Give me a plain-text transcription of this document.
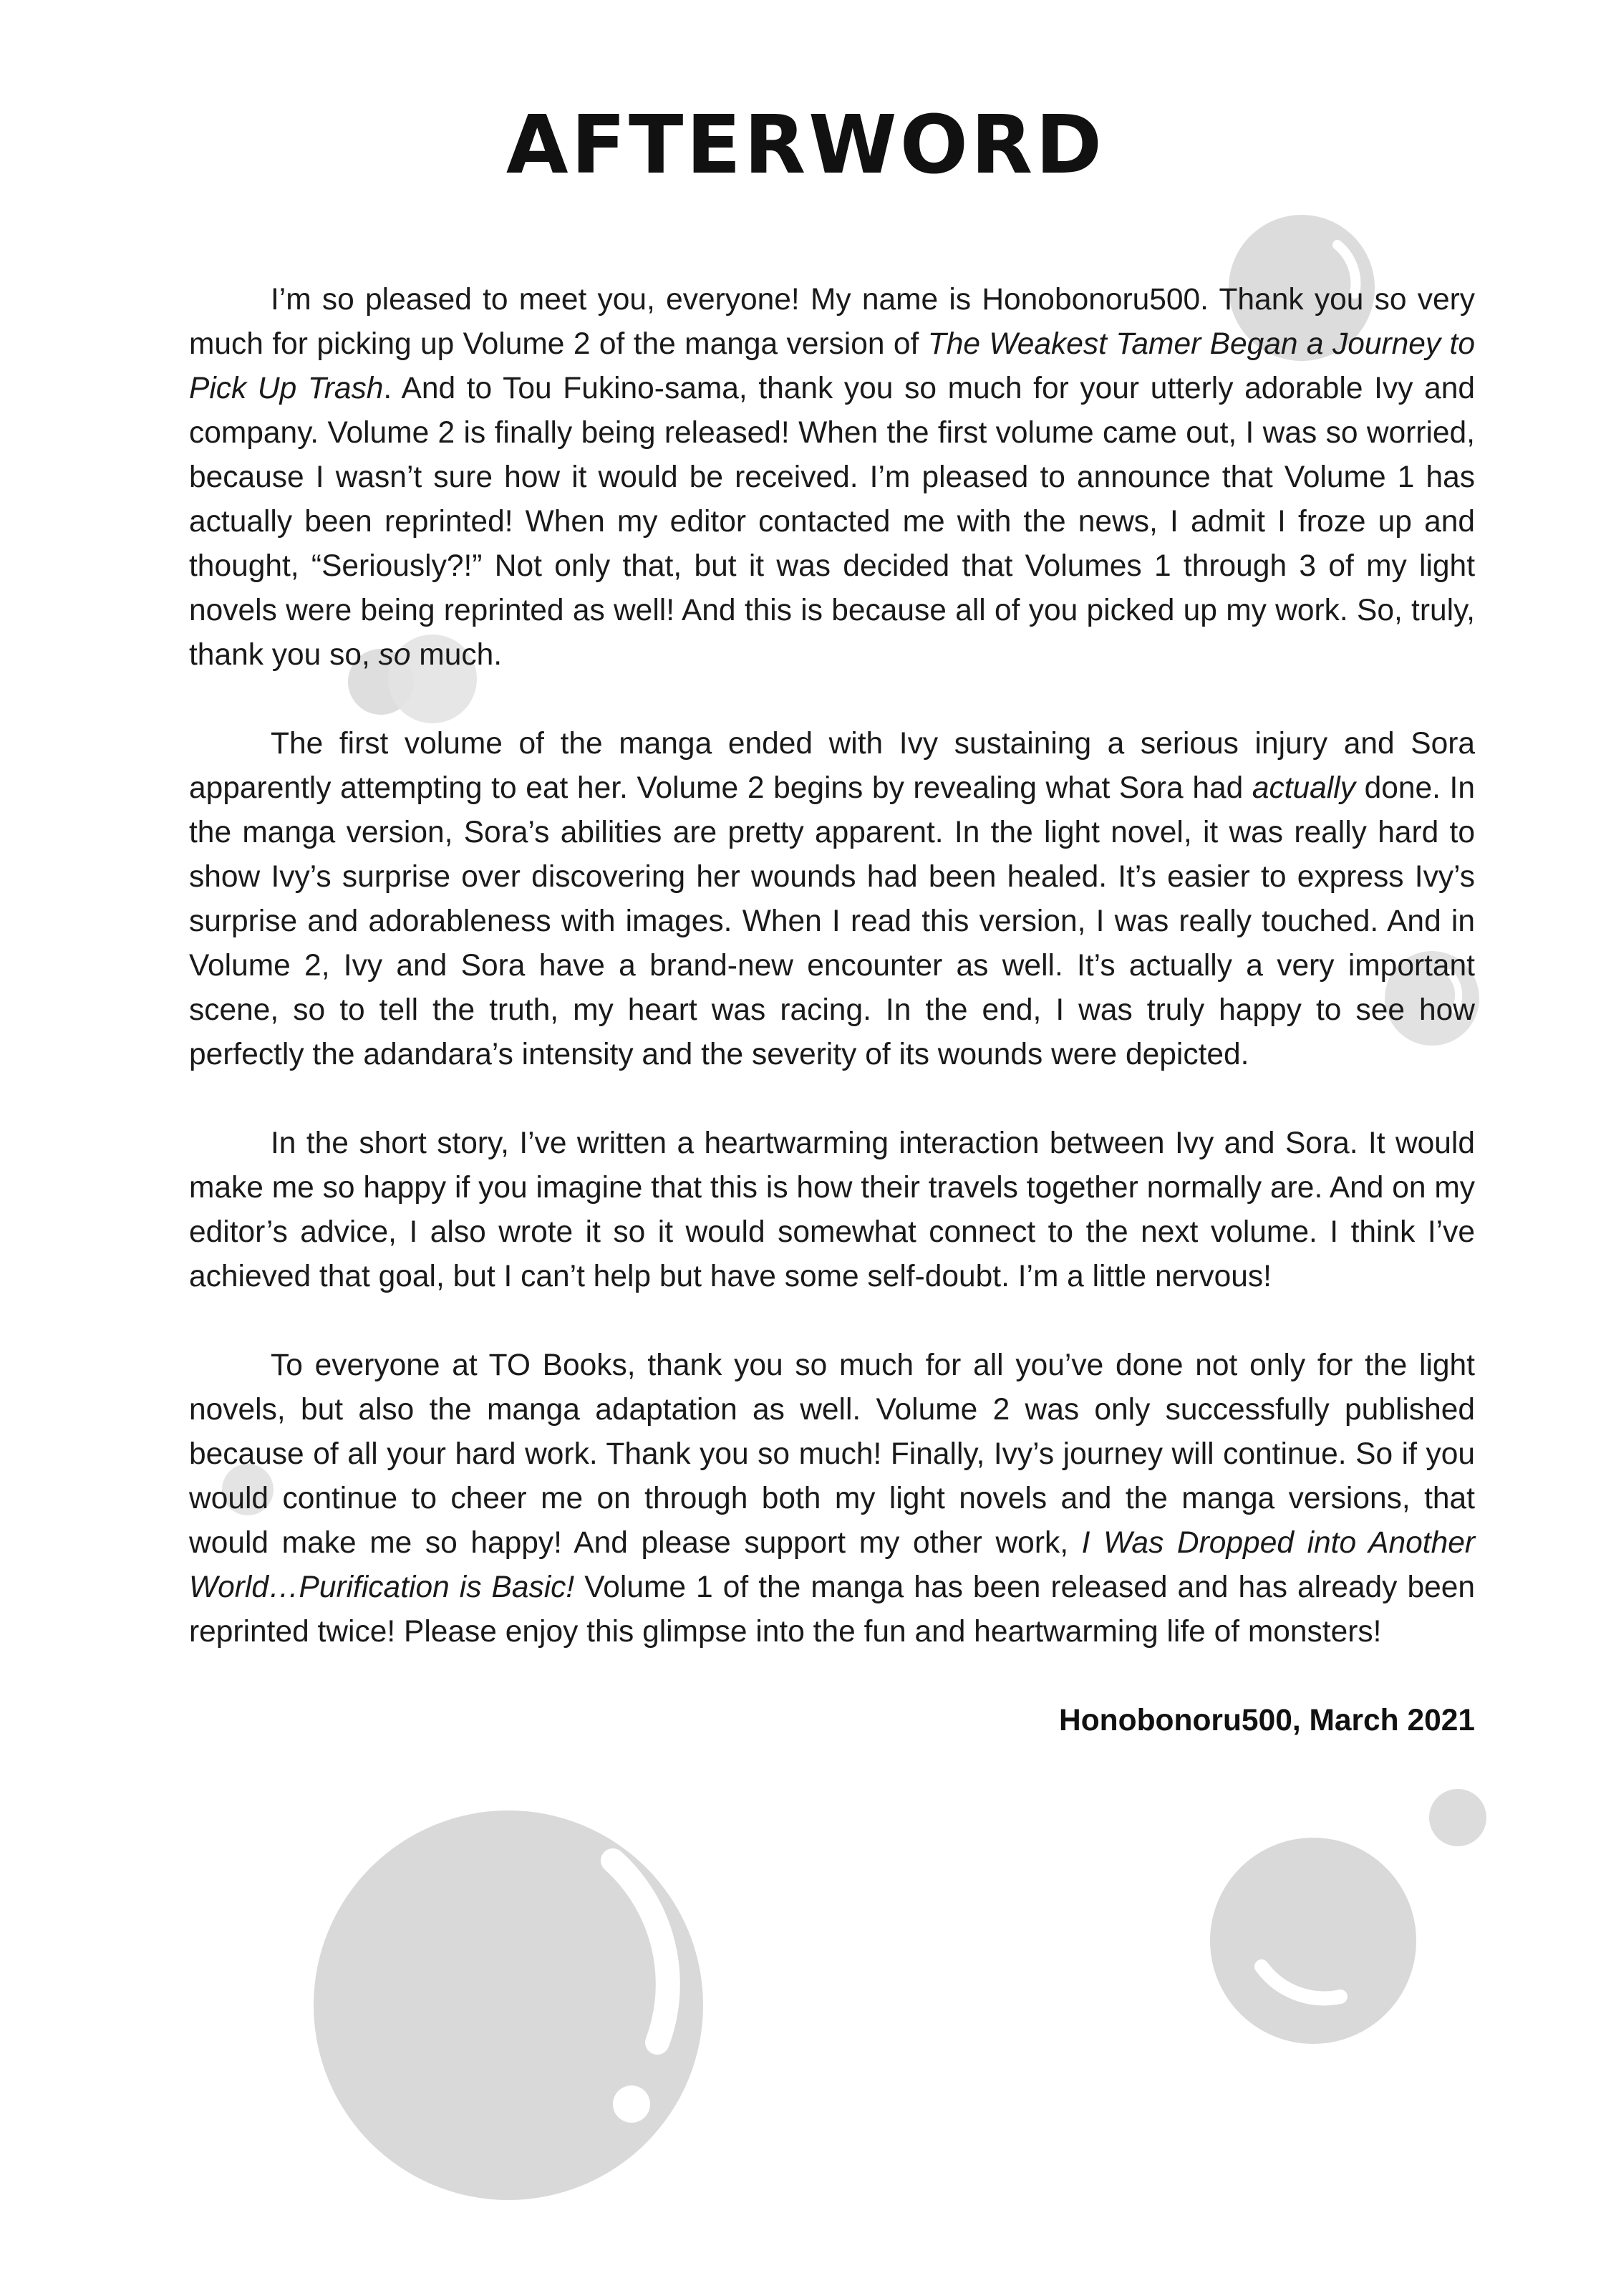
AFTERWORD

I’m so pleased to meet you, everyone! My name is Honobonoru500. Thank you so very much for picking up Volume 2 of the manga version of The Weakest Tamer Began a Journey to Pick Up Trash. And to Tou Fukino-sama, thank you so much for your utterly adorable Ivy and company. Volume 2 is finally being released! When the first volume came out, I was so worried, because I wasn’t sure how it would be received. I’m pleased to announce that Volume 1 has actually been reprinted! When my editor contacted me with the news, I admit I froze up and thought, “Seriously?!” Not only that, but it was decided that Volumes 1 through 3 of my light novels were being reprinted as well! And this is because all of you picked up my work. So, truly, thank you so, so much.

The first volume of the manga ended with Ivy sustaining a serious injury and Sora apparently attempting to eat her. Volume 2 begins by revealing what Sora had actually done. In the manga version, Sora’s abilities are pretty apparent. In the light novel, it was really hard to show Ivy’s surprise over discovering her wounds had been healed. It’s easier to express Ivy’s surprise and adorableness with images. When I read this version, I was really touched. And in Volume 2, Ivy and Sora have a brand-new encounter as well. It’s actually a very important scene, so to tell the truth, my heart was racing. In the end, I was truly happy to see how perfectly the adandara’s intensity and the severity of its wounds were depicted.

In the short story, I’ve written a heartwarming interaction between Ivy and Sora. It would make me so happy if you imagine that this is how their travels together normally are. And on my editor’s advice, I also wrote it so it would somewhat connect to the next volume. I think I’ve achieved that goal, but I can’t help but have some self-doubt. I’m a little nervous!

To everyone at TO Books, thank you so much for all you’ve done not only for the light novels, but also the manga adaptation as well. Volume 2 was only successfully published because of all your hard work. Thank you so much! Finally, Ivy’s journey will continue. So if you would continue to cheer me on through both my light novels and the manga versions, that would make me so happy! And please support my other work, I Was Dropped into Another World…Purification is Basic! Volume 1 of the manga has been released and has already been reprinted twice! Please enjoy this glimpse into the fun and heartwarming life of monsters!

Honobonoru500, March 2021
